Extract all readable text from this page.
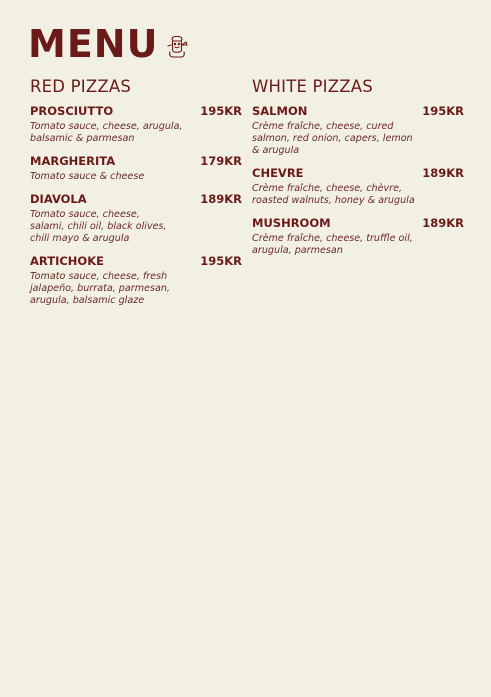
MENU
RED PIZZAS
PROSCIUTTO	195KR
Tomato sauce, cheese, arugula,
balsamic & parmesan
MARGHERITA	179KR
Tomato sauce & cheese
DIAVOLA	189KR
Tomato sauce, cheese,
salami, chili oil, black olives,
chili mayo & arugula
ARTICHOKE	195KR
Tomato sauce, cheese, fresh
jalapeño, burrata, parmesan,
arugula, balsamic glaze
WHITE PIZZAS
SALMON	195KR
Crème fraîche, cheese, cured
salmon, red onion, capers, lemon
& arugula
CHEVRE	189KR
Crème fraîche, cheese, chèvre,
roasted walnuts, honey & arugula
MUSHROOM	189KR
Crème fraîche, cheese, truffle oil,
arugula, parmesan
